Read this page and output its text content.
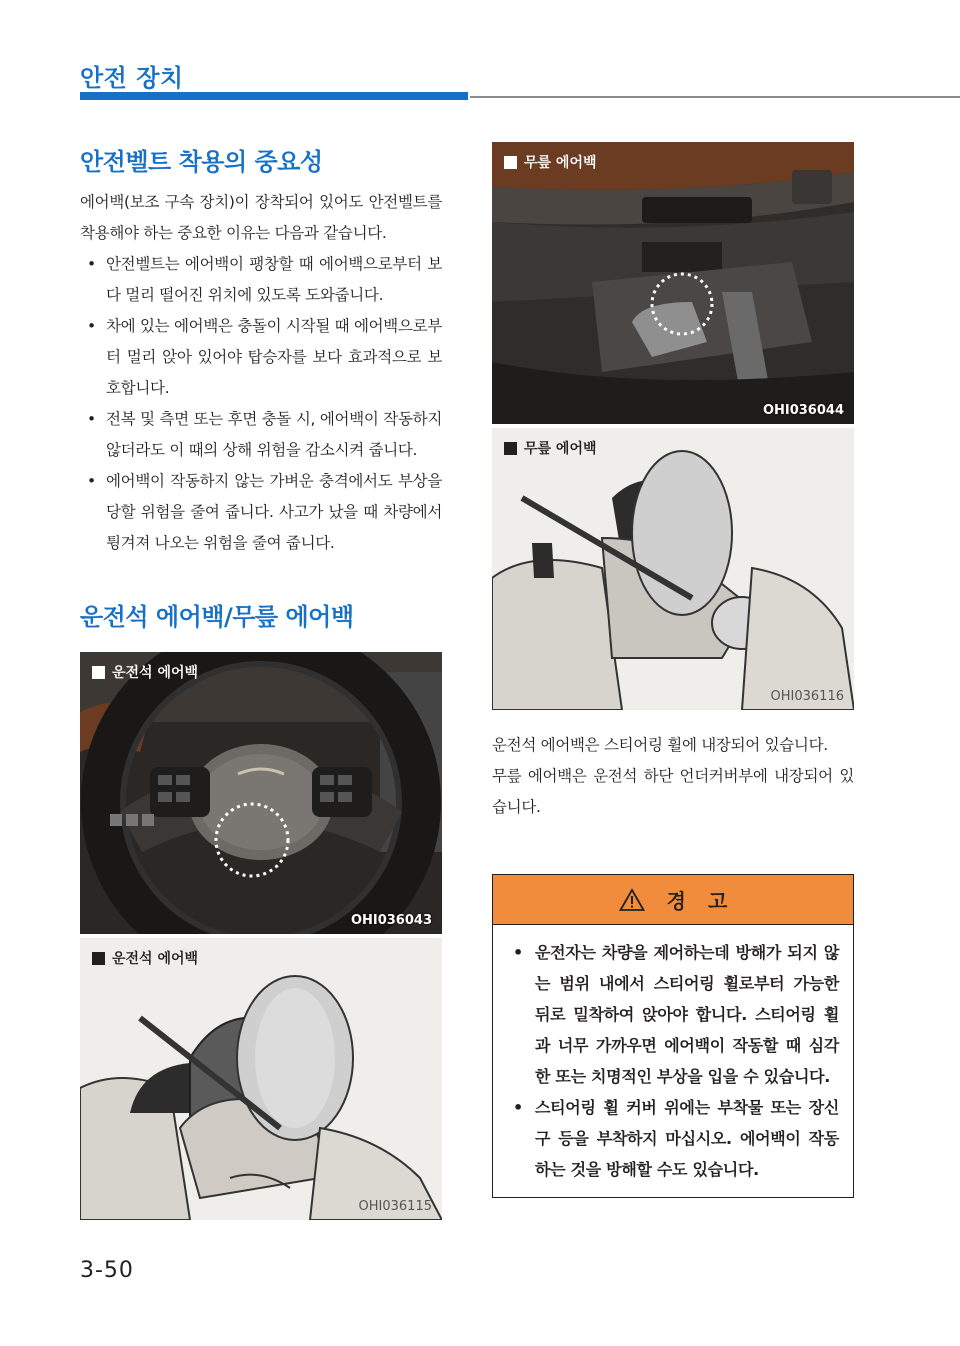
안전 장치
안전벨트 착용의 중요성

에어백(보조 구속 장치)이 장착되어 있어도 안전벨트를 착용해야 하는 중요한 이유는 다음과 같습니다.

• 안전벨트는 에어백이 팽창할 때 에어백으로부터 보다 멀리 떨어진 위치에 있도록 도와줍니다.
• 차에 있는 에어백은 충돌이 시작될 때 에어백으로부터 멀리 앉아 있어야 탑승자를 보다 효과적으로 보호합니다.
• 전복 및 측면 또는 후면 충돌 시, 에어백이 작동하지 않더라도 이 때의 상해 위험을 감소시켜 줍니다.
• 에어백이 작동하지 않는 가벼운 충격에서도 부상을 당할 위험을 줄여 줍니다. 사고가 났을 때 차량에서 튕겨져 나오는 위험을 줄여 줍니다.
운전석 에어백/무릎 에어백
운전석 에어백
OHI036043
운전석 에어백
OHI036115
무릎 에어백
OHI036044
무릎 에어백
OHI036116

운전석 에어백은 스티어링 휠에 내장되어 있습니다.

무릎 에어백은 운전석 하단 언더커버부에 내장되어 있습니다.

경고
• 운전자는 차량을 제어하는데 방해가 되지 않는 범위 내에서 스티어링 휠로부터 가능한 뒤로 밀착하여 앉아야 합니다. 스티어링 휠과 너무 가까우면 에어백이 작동할 때 심각한 또는 치명적인 부상을 입을 수 있습니다.
• 스티어링 휠 커버 위에는 부착물 또는 장신구 등을 부착하지 마십시오. 에어백이 작동하는 것을 방해할 수도 있습니다.
3-50
